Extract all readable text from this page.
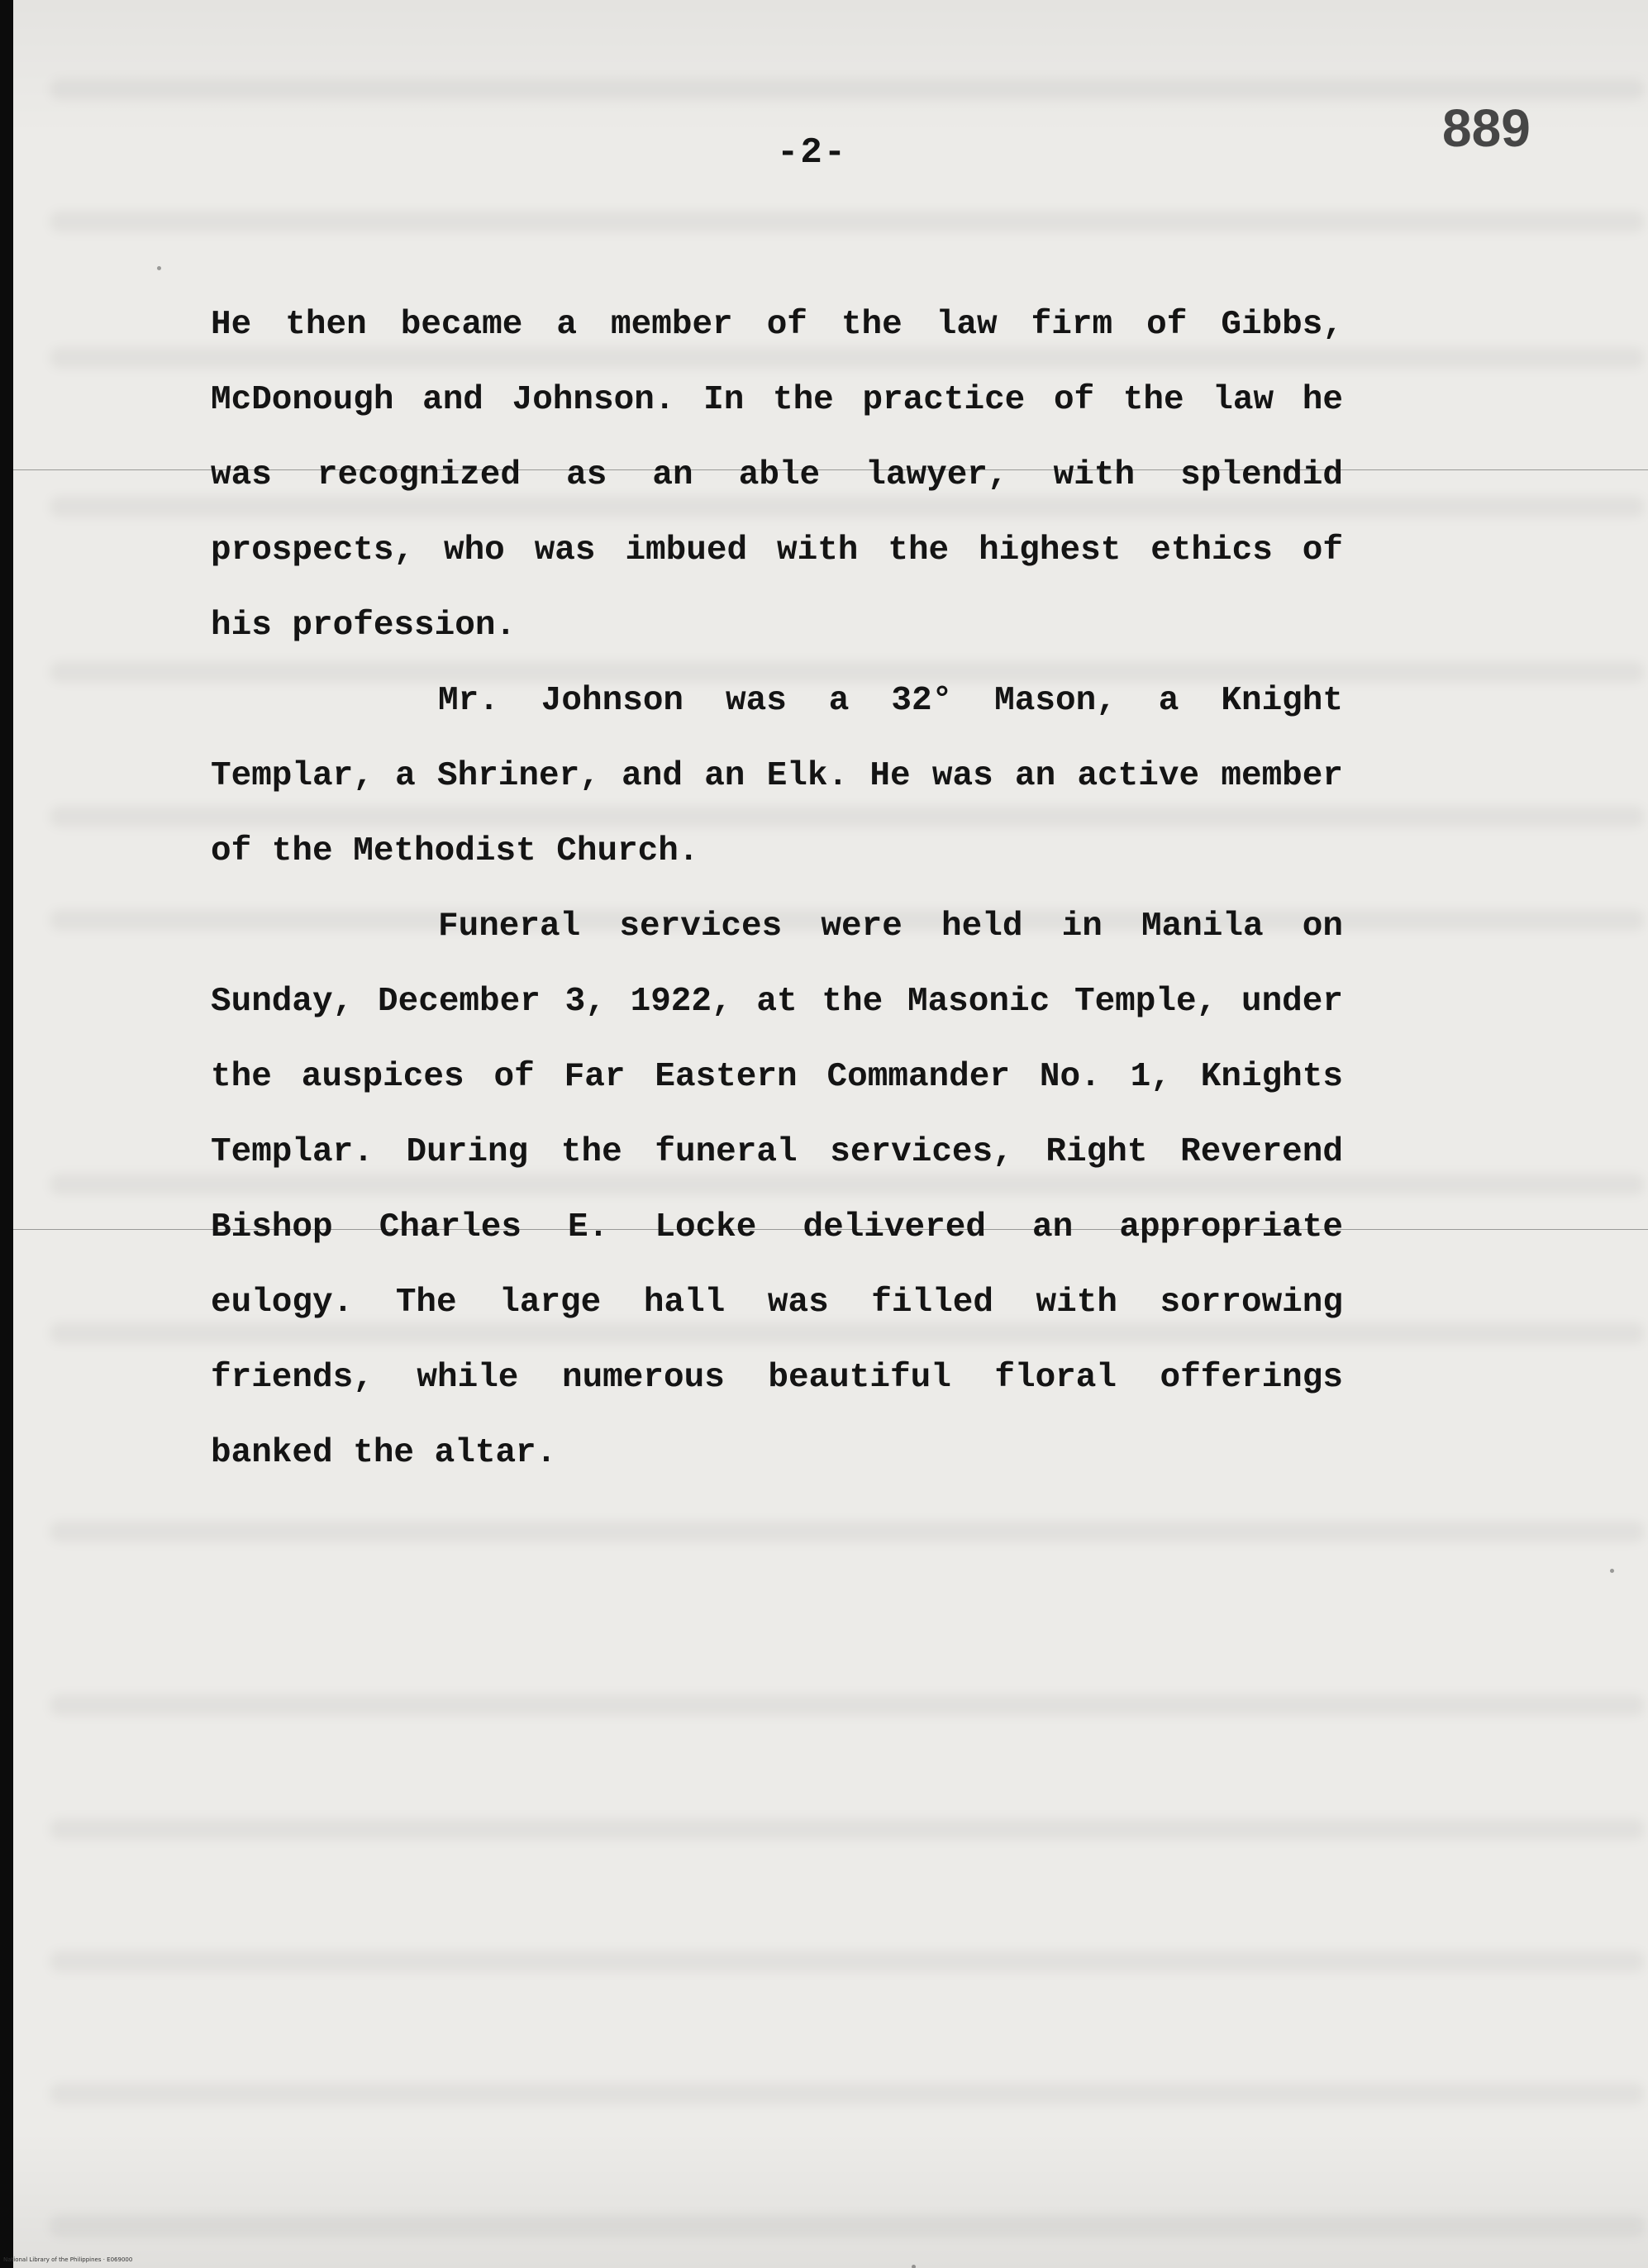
889
-2-

He then became a member of the law firm of Gibbs, McDonough and Johnson. In the practice of the law he was recognized as an able lawyer, with splendid prospects, who was imbued with the highest ethics of his profession.

Mr. Johnson was a 32° Mason, a Knight Templar, a Shriner, and an Elk. He was an active member of the Methodist Church.

Funeral services were held in Manila on Sunday, December 3, 1922, at the Masonic Temple, under the auspices of Far Eastern Commander No. 1, Knights Templar. During the funeral services, Right Reverend Bishop Charles E. Locke delivered an appropriate eulogy. The large hall was filled with sorrowing friends, while numerous beautiful floral offerings banked the altar.

National Library of the Philippines · E069000
